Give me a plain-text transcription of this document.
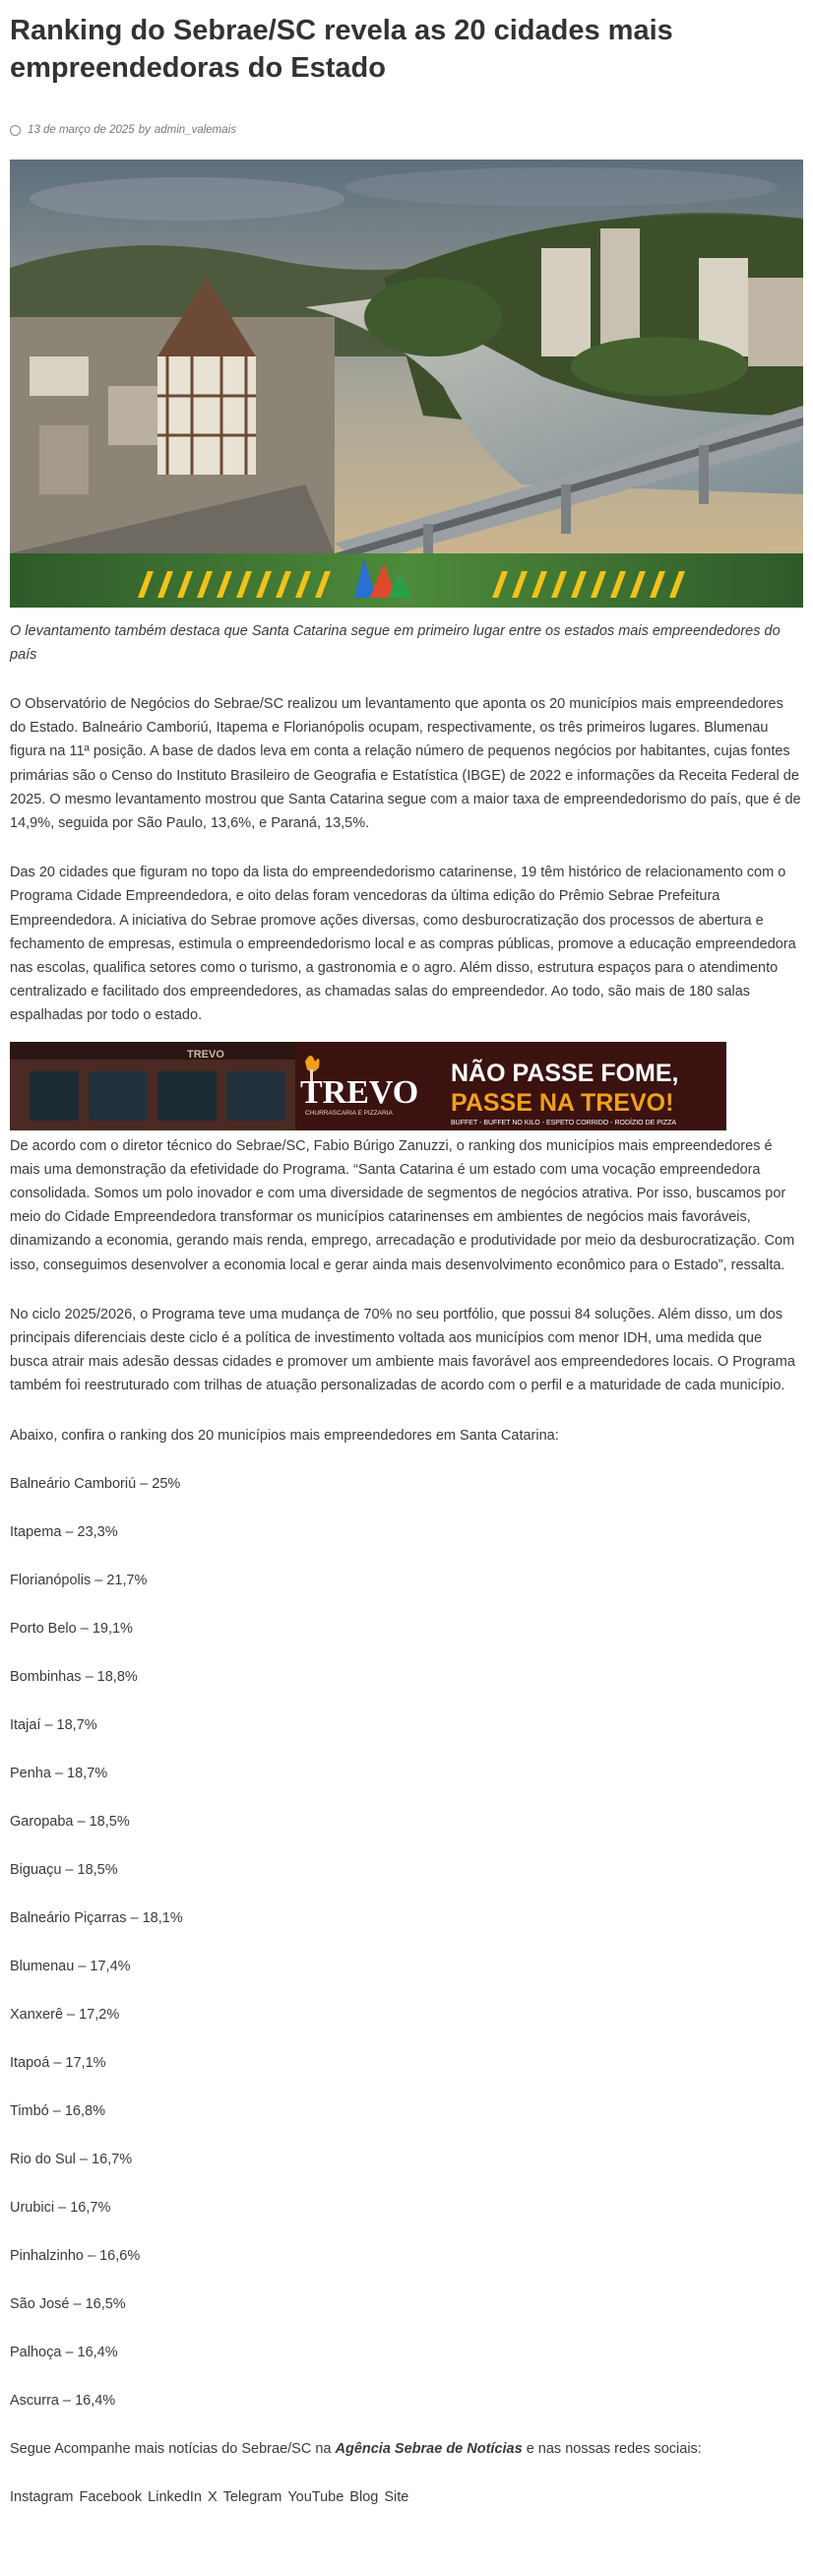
Ranking do Sebrae/SC revela as 20 cidades mais empreendedoras do Estado
13 de março de 2025 by admin_valemais
O levantamento também destaca que Santa Catarina segue em primeiro lugar entre os estados mais empreendedores do país

O Observatório de Negócios do Sebrae/SC realizou um levantamento que aponta os 20 municípios mais empreendedores do Estado. Balneário Camboriú, Itapema e Florianópolis ocupam, respectivamente, os três primeiros lugares. Blumenau figura na 11ª posição. A base de dados leva em conta a relação número de pequenos negócios por habitantes, cujas fontes primárias são o Censo do Instituto Brasileiro de Geografia e Estatística (IBGE) de 2022 e informações da Receita Federal de 2025. O mesmo levantamento mostrou que Santa Catarina segue com a maior taxa de empreendedorismo do país, que é de 14,9%, seguida por São Paulo, 13,6%, e Paraná, 13,5%.

Das 20 cidades que figuram no topo da lista do empreendedorismo catarinense, 19 têm histórico de relacionamento com o Programa Cidade Empreendedora, e oito delas foram vencedoras da última edição do Prêmio Sebrae Prefeitura Empreendedora. A iniciativa do Sebrae promove ações diversas, como desburocratização dos processos de abertura e fechamento de empresas, estimula o empreendedorismo local e as compras públicas, promove a educação empreendedora nas escolas, qualifica setores como o turismo, a gastronomia e o agro. Além disso, estrutura espaços para o atendimento centralizado e facilitado dos empreendedores, as chamadas salas do empreendedor. Ao todo, são mais de 180 salas espalhadas por todo o estado.

TREVO
TREVO
CHURRASCARIA E PIZZARIA
NÃO PASSE FOME,
PASSE NA TREVO!
BUFFET - BUFFET NO KILO - ESPETO CORRIDO - RODÍZIO DE PIZZA

De acordo com o diretor técnico do Sebrae/SC, Fabio Búrigo Zanuzzi, o ranking dos municípios mais empreendedores é mais uma demonstração da efetividade do Programa. “Santa Catarina é um estado com uma vocação empreendedora consolidada. Somos um polo inovador e com uma diversidade de segmentos de negócios atrativa. Por isso, buscamos por meio do Cidade Empreendedora transformar os municípios catarinenses em ambientes de negócios mais favoráveis, dinamizando a economia, gerando mais renda, emprego, arrecadação e produtividade por meio da desburocratização. Com isso, conseguimos desenvolver a economia local e gerar ainda mais desenvolvimento econômico para o Estado”, ressalta.

No ciclo 2025/2026, o Programa teve uma mudança de 70% no seu portfólio, que possui 84 soluções. Além disso, um dos principais diferenciais deste ciclo é a política de investimento voltada aos municípios com menor IDH, uma medida que busca atrair mais adesão dessas cidades e promover um ambiente mais favorável aos empreendedores locais. O Programa também foi reestruturado com trilhas de atuação personalizadas de acordo com o perfil e a maturidade de cada município.

Abaixo, confira o ranking dos 20 municípios mais empreendedores em Santa Catarina:

Balneário Camboriú – 25%
Itapema – 23,3%
Florianópolis – 21,7%
Porto Belo – 19,1%
Bombinhas – 18,8%
Itajaí – 18,7%
Penha – 18,7%
Garopaba – 18,5%
Biguaçu – 18,5%
Balneário Piçarras – 18,1%
Blumenau – 17,4%
Xanxerê – 17,2%
Itapoá – 17,1%
Timbó – 16,8%
Rio do Sul – 16,7%
Urubici – 16,7%
Pinhalzinho – 16,6%
São José – 16,5%
Palhoça – 16,4%
Ascurra – 16,4%
Segue Acompanhe mais notícias do Sebrae/SC na Agência Sebrae de Notícias e nas nossas redes sociais:
Instagram Facebook LinkedIn X Telegram YouTube Blog Site
